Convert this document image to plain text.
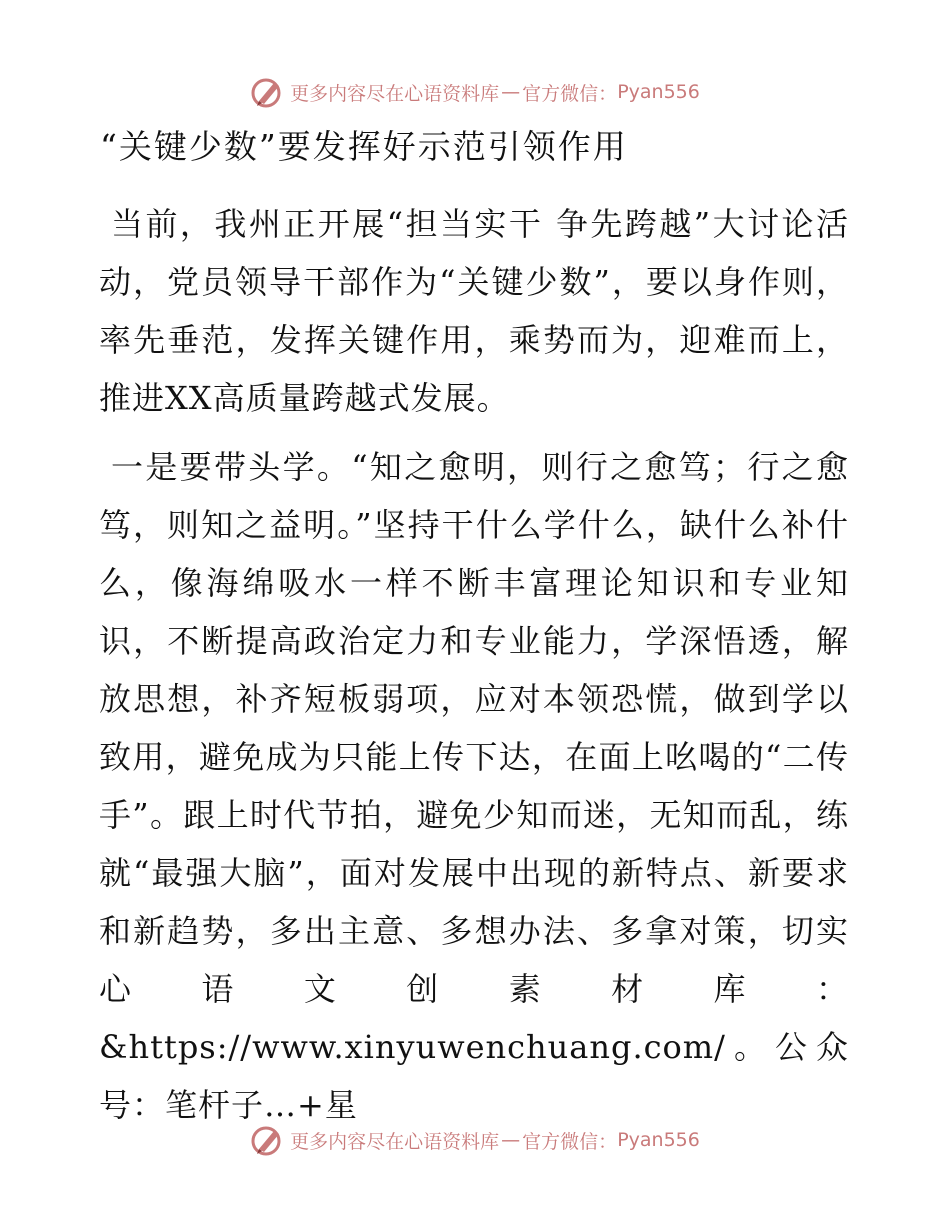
更多内容尽在心语资料库 — 官方微信： Pyan556
“关键少数”要发挥好示范引领作用
当前，我州正开展“担当实干 争先跨越”大讨论活动，党员领导干部作为“关键少数”，要以身作则，率先垂范，发挥关键作用，乘势而为，迎难而上，推进XX高质量跨越式发展。
一是要带头学。“知之愈明，则行之愈笃；行之愈笃，则知之益明。”坚持干什么学什么，缺什么补什么，像海绵吸水一样不断丰富理论知识和专业知识，不断提高政治定力和专业能力，学深悟透，解放思想，补齐短板弱项，应对本领恐慌，做到学以致用，避免成为只能上传下达，在面上吆喝的“二传手”。跟上时代节拍，避免少知而迷，无知而乱，练就“最强大脑”，面对发展中出现的新特点、新要求和新趋势，多出主意、多想办法、多拿对策，切实心语文创素材库：&https://www.xinyuwenchuang.com/。公众号：笔杆子…+星
更多内容尽在心语资料库 — 官方微信： Pyan556
